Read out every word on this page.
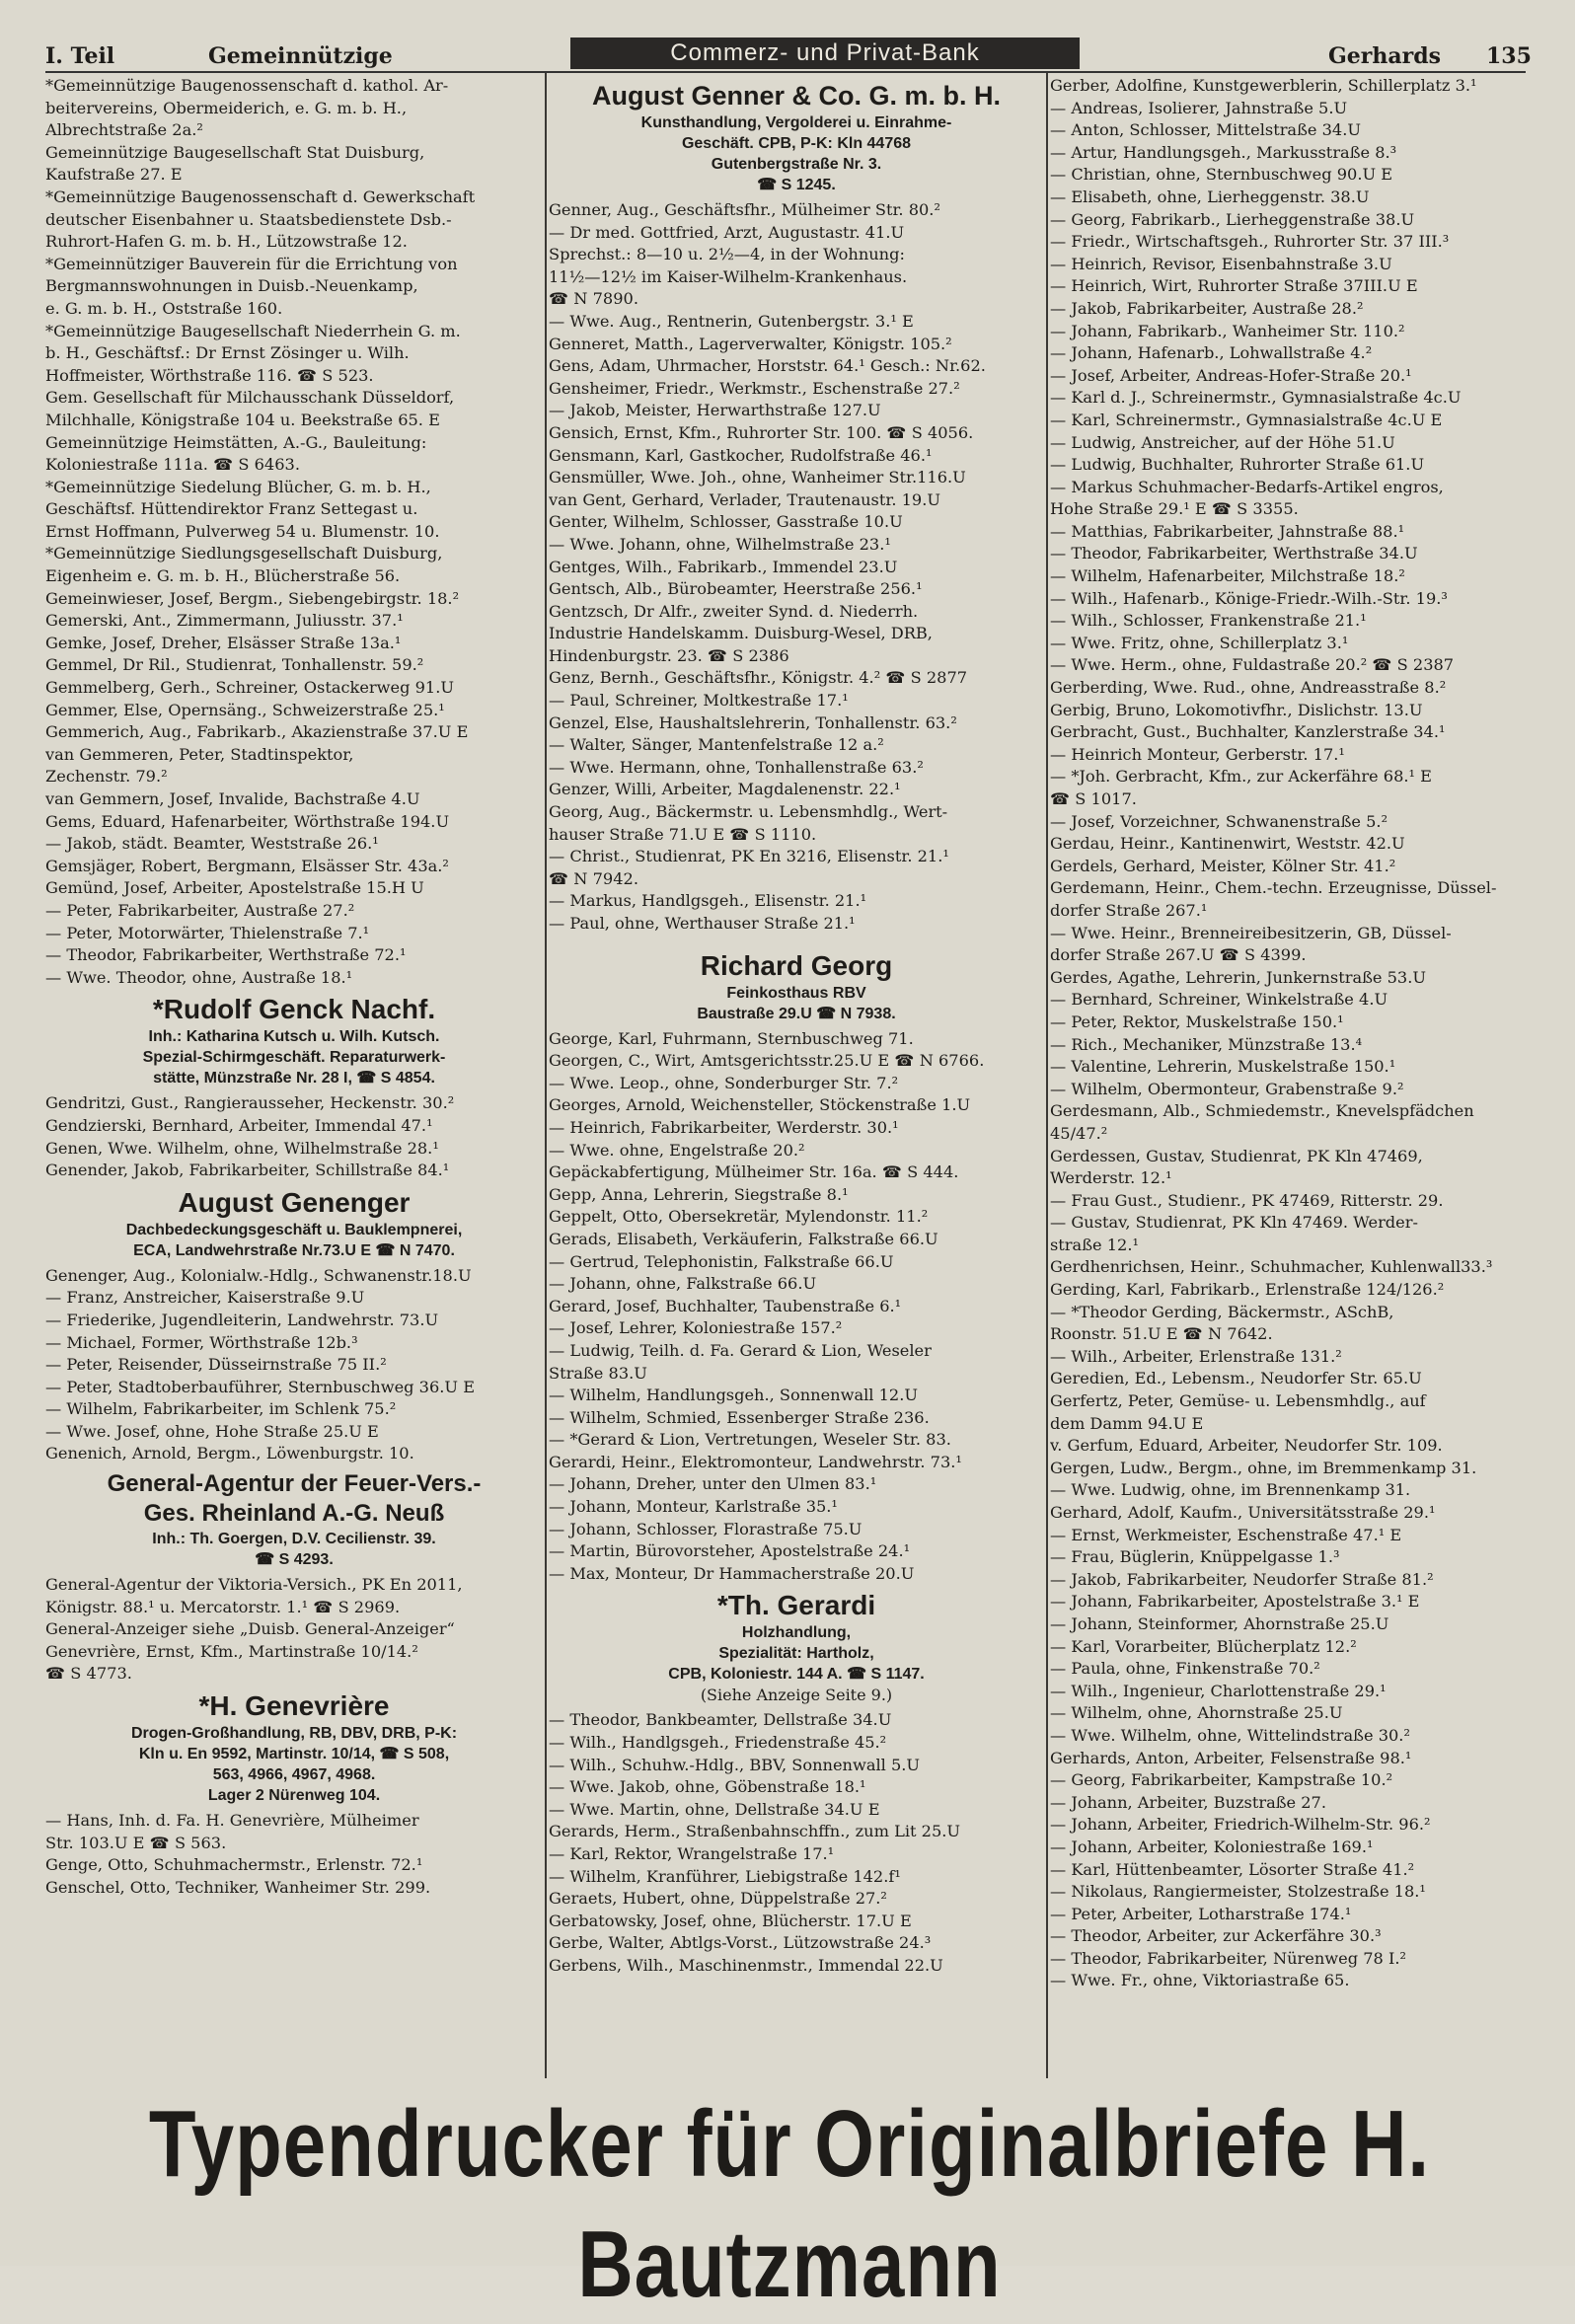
I. Teil	Gemeinnützige	Commerz- und Privat-Bank	Gerhards 135
*Gemeinnützige Baugenossenschaft d. kathol. Ar-
beitervereins, Obermeiderich, e. G. m. b. H.,
Albrechtstraße 2a.²
Gemeinnützige Baugesellschaft Stat Duisburg,
Kaufstraße 27. E
*Gemeinnützige Baugenossenschaft d. Gewerkschaft
deutscher Eisenbahner u. Staatsbedienstete Dsb.-
Ruhrort-Hafen G. m. b. H., Lützowstraße 12.
*Gemeinnütziger Bauverein für die Errichtung von
Bergmannswohnungen in Duisb.-Neuenkamp,
e. G. m. b. H., Oststraße 160.
*Gemeinnützige Baugesellschaft Niederrhein G. m.
b. H., Geschäftsf.: Dr Ernst Zösinger u. Wilh.
Hoffmeister, Wörthstraße 116. ☎ S 523.
Gem. Gesellschaft für Milchausschank Düsseldorf,
Milchhalle, Königstraße 104 u. Beekstraße 65. E
Gemeinnützige Heimstätten, A.-G., Bauleitung:
Koloniestraße 111a. ☎ S 6463.
*Gemeinnützige Siedelung Blücher, G. m. b. H.,
Geschäftsf. Hüttendirektor Franz Settegast u.
Ernst Hoffmann, Pulverweg 54 u. Blumenstr. 10.
*Gemeinnützige Siedlungsgesellschaft Duisburg,
Eigenheim e. G. m. b. H., Blücherstraße 56.
Gemeinwieser, Josef, Bergm., Siebengebirgstr. 18.²
Gemerski, Ant., Zimmermann, Juliusstr. 37.¹
Gemke, Josef, Dreher, Elsässer Straße 13a.¹
Gemmel, Dr Ril., Studienrat, Tonhallenstr. 59.²
Gemmelberg, Gerh., Schreiner, Ostackerweg 91.U
Gemmer, Else, Opernsäng., Schweizerstraße 25.¹
Gemmerich, Aug., Fabrikarb., Akazienstraße 37.U E
van Gemmeren, Peter, Stadtinspektor,
Zechenstr. 79.²
van Gemmern, Josef, Invalide, Bachstraße 4.U
Gems, Eduard, Hafenarbeiter, Wörthstraße 194.U
— Jakob, städt. Beamter, Weststraße 26.¹
Gemsjäger, Robert, Bergmann, Elsässer Str. 43a.²
Gemünd, Josef, Arbeiter, Apostelstraße 15.H U
— Peter, Fabrikarbeiter, Austraße 27.²
— Peter, Motorwärter, Thielenstraße 7.¹
— Theodor, Fabrikarbeiter, Werthstraße 72.¹
— Wwe. Theodor, ohne, Austraße 18.¹
*Rudolf Genck Nachf.
Inh.: Katharina Kutsch u. Wilh. Kutsch.
Spezial-Schirmgeschäft. Reparaturwerk-
stätte, Münzstraße Nr. 28 I, ☎ S 4854.
Gendritzi, Gust., Rangierausseher, Heckenstr. 30.²
Gendzierski, Bernhard, Arbeiter, Immendal 47.¹
Genen, Wwe. Wilhelm, ohne, Wilhelmstraße 28.¹
Genender, Jakob, Fabrikarbeiter, Schillstraße 84.¹
August Genenger
Dachbedeckungsgeschäft u. Bauklempnerei,
ECA, Landwehrstraße Nr.73.U E ☎ N 7470.
Genenger, Aug., Kolonialw.-Hdlg., Schwanenstr.18.U
— Franz, Anstreicher, Kaiserstraße 9.U
— Friederike, Jugendleiterin, Landwehrstr. 73.U
— Michael, Former, Wörthstraße 12b.³
— Peter, Reisender, Düsseirnstraße 75 II.²
— Peter, Stadtoberbauführer, Sternbuschweg 36.U E
— Wilhelm, Fabrikarbeiter, im Schlenk 75.²
— Wwe. Josef, ohne, Hohe Straße 25.U E
Genenich, Arnold, Bergm., Löwenburgstr. 10.
General-Agentur der Feuer-Vers.-
Ges. Rheinland A.-G. Neuß
Inh.: Th. Goergen, D.V. Cecilienstr. 39.
☎ S 4293.
General-Agentur der Viktoria-Versich., PK En 2011,
Königstr. 88.¹ u. Mercatorstr. 1.¹ ☎ S 2969.
General-Anzeiger siehe „Duisb. General-Anzeiger“
Genevrière, Ernst, Kfm., Martinstraße 10/14.²
☎ S 4773.
*H. Genevrière
Drogen-Großhandlung, RB, DBV, DRB, P-K:
Kln u. En 9592, Martinstr. 10/14, ☎ S 508,
563, 4966, 4967, 4968.
Lager 2 Nürenweg 104.
— Hans, Inh. d. Fa. H. Genevrière, Mülheimer
Str. 103.U E ☎ S 563.
Genge, Otto, Schuhmachermstr., Erlenstr. 72.¹
Genschel, Otto, Techniker, Wanheimer Str. 299.
August Genner & Co. G. m. b. H.
Kunsthandlung, Vergolderei u. Einrahme-
Geschäft. CPB, P-K: Kln 44768
Gutenbergstraße Nr. 3.
☎ S 1245.
Genner, Aug., Geschäftsfhr., Mülheimer Str. 80.²
— Dr med. Gottfried, Arzt, Augustastr. 41.U
Sprechst.: 8—10 u. 2½—4, in der Wohnung:
11½—12½ im Kaiser-Wilhelm-Krankenhaus.
☎ N 7890.
— Wwe. Aug., Rentnerin, Gutenbergstr. 3.¹ E
Genneret, Matth., Lagerverwalter, Königstr. 105.²
Gens, Adam, Uhrmacher, Horststr. 64.¹ Gesch.: Nr.62.
Gensheimer, Friedr., Werkmstr., Eschenstraße 27.²
— Jakob, Meister, Herwarthstraße 127.U
Gensich, Ernst, Kfm., Ruhrorter Str. 100. ☎ S 4056.
Gensmann, Karl, Gastkocher, Rudolfstraße 46.¹
Gensmüller, Wwe. Joh., ohne, Wanheimer Str.116.U
van Gent, Gerhard, Verlader, Trautenaustr. 19.U
Genter, Wilhelm, Schlosser, Gasstraße 10.U
— Wwe. Johann, ohne, Wilhelmstraße 23.¹
Gentges, Wilh., Fabrikarb., Immendel 23.U
Gentsch, Alb., Bürobeamter, Heerstraße 256.¹
Gentzsch, Dr Alfr., zweiter Synd. d. Niederrh.
Industrie Handelskamm. Duisburg-Wesel, DRB,
Hindenburgstr. 23. ☎ S 2386
Genz, Bernh., Geschäftsfhr., Königstr. 4.² ☎ S 2877
— Paul, Schreiner, Moltkestraße 17.¹
Genzel, Else, Haushaltslehrerin, Tonhallenstr. 63.²
— Walter, Sänger, Mantenfelstraße 12 a.²
— Wwe. Hermann, ohne, Tonhallenstraße 63.²
Genzer, Willi, Arbeiter, Magdalenenstr. 22.¹
Georg, Aug., Bäckermstr. u. Lebensmhdlg., Wert-
hauser Straße 71.U E ☎ S 1110.
— Christ., Studienrat, PK En 3216, Elisenstr. 21.¹
☎ N 7942.
— Markus, Handlgsgeh., Elisenstr. 21.¹
— Paul, ohne, Werthauser Straße 21.¹
Richard Georg
Feinkosthaus RBV
Baustraße 29.U ☎ N 7938.
George, Karl, Fuhrmann, Sternbuschweg 71.
Georgen, C., Wirt, Amtsgerichtsstr.25.U E ☎ N 6766.
— Wwe. Leop., ohne, Sonderburger Str. 7.²
Georges, Arnold, Weichensteller, Stöckenstraße 1.U
— Heinrich, Fabrikarbeiter, Werderstr. 30.¹
— Wwe. ohne, Engelstraße 20.²
Gepäckabfertigung, Mülheimer Str. 16a. ☎ S 444.
Gepp, Anna, Lehrerin, Siegstraße 8.¹
Geppelt, Otto, Obersekretär, Mylendonstr. 11.²
Gerads, Elisabeth, Verkäuferin, Falkstraße 66.U
— Gertrud, Telephonistin, Falkstraße 66.U
— Johann, ohne, Falkstraße 66.U
Gerard, Josef, Buchhalter, Taubenstraße 6.¹
— Josef, Lehrer, Koloniestraße 157.²
— Ludwig, Teilh. d. Fa. Gerard & Lion, Weseler
Straße 83.U
— Wilhelm, Handlungsgeh., Sonnenwall 12.U
— Wilhelm, Schmied, Essenberger Straße 236.
— *Gerard & Lion, Vertretungen, Weseler Str. 83.
Gerardi, Heinr., Elektromonteur, Landwehrstr. 73.¹
— Johann, Dreher, unter den Ulmen 83.¹
— Johann, Monteur, Karlstraße 35.¹
— Johann, Schlosser, Florastraße 75.U
— Martin, Bürovorsteher, Apostelstraße 24.¹
— Max, Monteur, Dr Hammacherstraße 20.U
*Th. Gerardi
Holzhandlung,
Spezialität: Hartholz,
CPB, Koloniestr. 144 A. ☎ S 1147.
(Siehe Anzeige Seite 9.)
— Theodor, Bankbeamter, Dellstraße 34.U
— Wilh., Handlgsgeh., Friedenstraße 45.²
— Wilh., Schuhw.-Hdlg., BBV, Sonnenwall 5.U
— Wwe. Jakob, ohne, Göbenstraße 18.¹
— Wwe. Martin, ohne, Dellstraße 34.U E
Gerards, Herm., Straßenbahnschffn., zum Lit 25.U
— Karl, Rektor, Wrangelstraße 17.¹
— Wilhelm, Kranführer, Liebigstraße 142.f¹
Geraets, Hubert, ohne, Düppelstraße 27.²
Gerbatowsky, Josef, ohne, Blücherstr. 17.U E
Gerbe, Walter, Abtlgs-Vorst., Lützowstraße 24.³
Gerbens, Wilh., Maschinenmstr., Immendal 22.U
Gerber, Adolfine, Kunstgewerblerin, Schillerplatz 3.¹
— Andreas, Isolierer, Jahnstraße 5.U
— Anton, Schlosser, Mittelstraße 34.U
— Artur, Handlungsgeh., Markusstraße 8.³
— Christian, ohne, Sternbuschweg 90.U E
— Elisabeth, ohne, Lierheggenstr. 38.U
— Georg, Fabrikarb., Lierheggenstraße 38.U
— Friedr., Wirtschaftsgeh., Ruhrorter Str. 37 III.³
— Heinrich, Revisor, Eisenbahnstraße 3.U
— Heinrich, Wirt, Ruhrorter Straße 37III.U E
— Jakob, Fabrikarbeiter, Austraße 28.²
— Johann, Fabrikarb., Wanheimer Str. 110.²
— Johann, Hafenarb., Lohwallstraße 4.²
— Josef, Arbeiter, Andreas-Hofer-Straße 20.¹
— Karl d. J., Schreinermstr., Gymnasialstraße 4c.U
— Karl, Schreinermstr., Gymnasialstraße 4c.U E
— Ludwig, Anstreicher, auf der Höhe 51.U
— Ludwig, Buchhalter, Ruhrorter Straße 61.U
— Markus Schuhmacher-Bedarfs-Artikel engros,
Hohe Straße 29.¹ E ☎ S 3355.
— Matthias, Fabrikarbeiter, Jahnstraße 88.¹
— Theodor, Fabrikarbeiter, Werthstraße 34.U
— Wilhelm, Hafenarbeiter, Milchstraße 18.²
— Wilh., Hafenarb., Könige-Friedr.-Wilh.-Str. 19.³
— Wilh., Schlosser, Frankenstraße 21.¹
— Wwe. Fritz, ohne, Schillerplatz 3.¹
— Wwe. Herm., ohne, Fuldastraße 20.² ☎ S 2387
Gerberding, Wwe. Rud., ohne, Andreasstraße 8.²
Gerbig, Bruno, Lokomotivfhr., Dislichstr. 13.U
Gerbracht, Gust., Buchhalter, Kanzlerstraße 34.¹
— Heinrich Monteur, Gerberstr. 17.¹
— *Joh. Gerbracht, Kfm., zur Ackerfähre 68.¹ E
☎ S 1017.
— Josef, Vorzeichner, Schwanenstraße 5.²
Gerdau, Heinr., Kantinenwirt, Weststr. 42.U
Gerdels, Gerhard, Meister, Kölner Str. 41.²
Gerdemann, Heinr., Chem.-techn. Erzeugnisse, Düssel-
dorfer Straße 267.¹
— Wwe. Heinr., Brenneireibesitzerin, GB, Düssel-
dorfer Straße 267.U ☎ S 4399.
Gerdes, Agathe, Lehrerin, Junkernstraße 53.U
— Bernhard, Schreiner, Winkelstraße 4.U
— Peter, Rektor, Muskelstraße 150.¹
— Rich., Mechaniker, Münzstraße 13.⁴
— Valentine, Lehrerin, Muskelstraße 150.¹
— Wilhelm, Obermonteur, Grabenstraße 9.²
Gerdesmann, Alb., Schmiedemstr., Knevelspfädchen
45/47.²
Gerdessen, Gustav, Studienrat, PK Kln 47469,
Werderstr. 12.¹
— Frau Gust., Studienr., PK 47469, Ritterstr. 29.
— Gustav, Studienrat, PK Kln 47469. Werder-
straße 12.¹
Gerdhenrichsen, Heinr., Schuhmacher, Kuhlenwall33.³
Gerding, Karl, Fabrikarb., Erlenstraße 124/126.²
— *Theodor Gerding, Bäckermstr., ASchB,
Roonstr. 51.U E ☎ N 7642.
— Wilh., Arbeiter, Erlenstraße 131.²
Geredien, Ed., Lebensm., Neudorfer Str. 65.U
Gerfertz, Peter, Gemüse- u. Lebensmhdlg., auf
dem Damm 94.U E
v. Gerfum, Eduard, Arbeiter, Neudorfer Str. 109.
Gergen, Ludw., Bergm., ohne, im Bremmenkamp 31.
— Wwe. Ludwig, ohne, im Brennenkamp 31.
Gerhard, Adolf, Kaufm., Universitätsstraße 29.¹
— Ernst, Werkmeister, Eschenstraße 47.¹ E
— Frau, Büglerin, Knüppelgasse 1.³
— Jakob, Fabrikarbeiter, Neudorfer Straße 81.²
— Johann, Fabrikarbeiter, Apostelstraße 3.¹ E
— Johann, Steinformer, Ahornstraße 25.U
— Karl, Vorarbeiter, Blücherplatz 12.²
— Paula, ohne, Finkenstraße 70.²
— Wilh., Ingenieur, Charlottenstraße 29.¹
— Wilhelm, ohne, Ahornstraße 25.U
— Wwe. Wilhelm, ohne, Wittelindstraße 30.²
Gerhards, Anton, Arbeiter, Felsenstraße 98.¹
— Georg, Fabrikarbeiter, Kampstraße 10.²
— Johann, Arbeiter, Buzstraße 27.
— Johann, Arbeiter, Friedrich-Wilhelm-Str. 96.²
— Johann, Arbeiter, Koloniestraße 169.¹
— Karl, Hüttenbeamter, Lösorter Straße 41.²
— Nikolaus, Rangiermeister, Stolzestraße 18.¹
— Peter, Arbeiter, Lotharstraße 174.¹
— Theodor, Arbeiter, zur Ackerfähre 30.³
— Theodor, Fabrikarbeiter, Nürenweg 78 I.²
— Wwe. Fr., ohne, Viktoriastraße 65.
Typendrucker für Originalbriefe H. Bautzmann
